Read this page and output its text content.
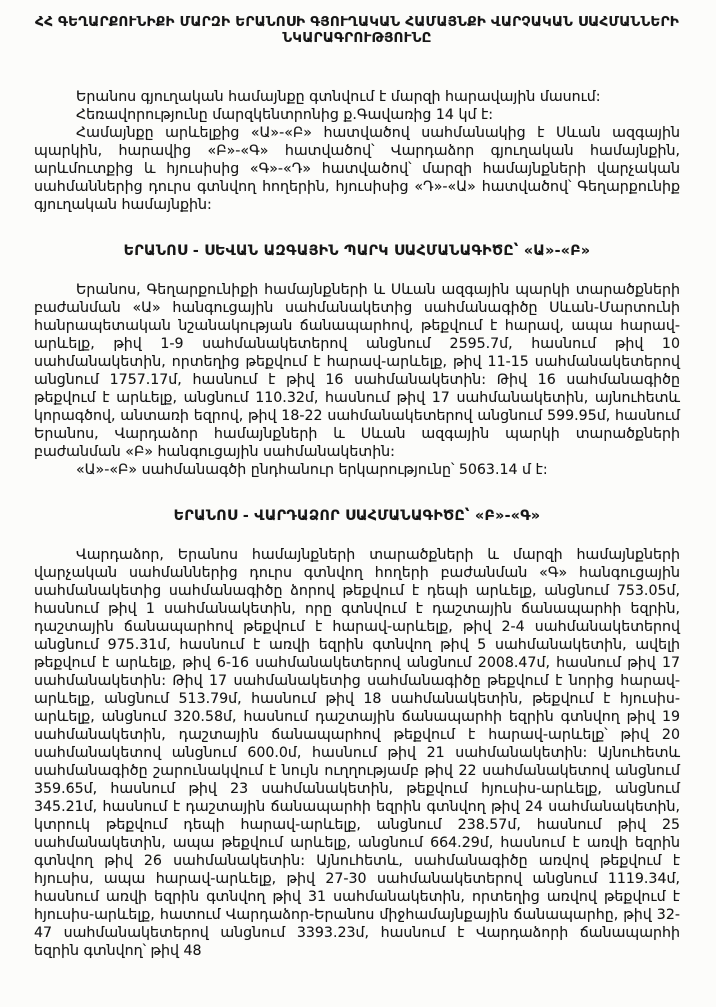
ՀՀ ԳԵՂԱՐՔՈՒՆԻՔԻ ՄԱՐԶԻ ԵՐԱՆՈՍԻ ԳՅՈՒՂԱԿԱՆ ՀԱՄԱՅՆՔԻ ՎԱՐՉԱԿԱՆ ՍԱՀՄԱՆՆԵՐԻ
ՆԿԱՐԱԳՐՈՒԹՅՈՒՆԸ

Երանոս գյուղական համայնքը գտնվում է մարզի հարավային մասում:

Հեռավորությունը մարզկենտրոնից ք.Գավառից 14 կմ է:

Համայնքը արևելքից «Ա»-«Բ» հատվածով սահմանակից է Սևան ազգային պարկին, հարավից «Բ»-«Գ» հատվածով՝ Վարդաձոր գյուղական համայնքին, արևմուտքից և հյուսիսից «Գ»-«Դ» հատվածով՝ մարզի համայնքների վարչական սահմաններից դուրս գտնվող հողերին, հյուսիսից «Դ»-«Ա» հատվածով՝ Գեղարքունիք գյուղական համայնքին:

ԵՐԱՆՈՍ - ՍԵՎԱՆ ԱԶԳԱՅԻՆ ՊԱՐԿ ՍԱՀՄԱՆԱԳԻԾԸ՝ «Ա»-«Բ»

Երանոս, Գեղարքունիքի համայնքների և Սևան ազգային պարկի տարածքների բաժանման «Ա» հանգուցային սահմանակետից սահմանագիծը Սևան-Մարտունի հանրապետական նշանակության ճանապարհով, թեքվում է հարավ, ապա հարավ-արևելք, թիվ 1-9 սահմանակետերով անցնում 2595.7մ, հասնում թիվ 10 սահմանակետին, որտեղից թեքվում է հարավ-արևելք, թիվ 11-15 սահմանակետերով անցնում 1757.17մ, հասնում է թիվ 16 սահմանակետին: Թիվ 16 սահմանագիծը թեքվում է արևելք, անցնում 110.32մ, հասնում թիվ 17 սահմանակետին, այնուհետև կորագծով, անտառի եզրով, թիվ 18-22 սահմանակետերով անցնում 599.95մ, հասնում Երանոս, Վարդաձոր համայնքների և Սևան ազգային պարկի տարածքների բաժանման «Բ» հանգուցային սահմանակետին:

«Ա»-«Բ» սահմանագծի ընդհանուր երկարությունը՝ 5063.14 մ է:

ԵՐԱՆՈՍ - ՎԱՐԴԱՁՈՐ ՍԱՀՄԱՆԱԳԻԾԸ՝ «Բ»-«Գ»

Վարդաձոր, Երանոս համայնքների տարածքների և մարզի համայնքների վարչական սահմաններից դուրս գտնվող հողերի բաժանման «Գ» հանգուցային սահմանակետից սահմանագիծը ձորով թեքվում է դեպի արևելք, անցնում 753.05մ, հասնում թիվ 1 սահմանակետին, որը գտնվում է դաշտային ճանապարհի եզրին, դաշտային ճանապարհով թեքվում է հարավ-արևելք, թիվ 2-4 սահմանակետերով անցնում 975.31մ, հասնում է առվի եզրին գտնվող թիվ 5 սահմանակետին, ավելի թեքվում է արևելք, թիվ 6-16 սահմանակետերով անցնում 2008.47մ, հասնում թիվ 17 սահմանակետին: Թիվ 17 սահմանակետից սահմանագիծը թեքվում է նորից հարավ-արևելք, անցնում 513.79մ, հասնում թիվ 18 սահմանակետին, թեքվում է հյուսիս-արևելք, անցնում 320.58մ, հասնում դաշտային ճանապարհի եզրին գտնվող թիվ 19 սահմանակետին, դաշտային ճանապարհով թեքվում է հարավ-արևելք՝ թիվ 20 սահմանակետով անցնում 600.0մ, հասնում թիվ 21 սահմանակետին: Այնուհետև սահմանագիծը շարունակվում է նույն ուղղությամբ թիվ 22 սահմանակետով անցնում 359.65մ, հասնում թիվ 23 սահմանակետին, թեքվում հյուսիս-արևելք, անցնում 345.21մ, հասնում է դաշտային ճանապարհի եզրին գտնվող թիվ 24 սահմանակետին, կտրուկ թեքվում դեպի հարավ-արևելք, անցնում 238.57մ, հասնում թիվ 25 սահմանակետին, ապա թեքվում արևելք, անցնում 664.29մ, հասնում է առվի եզրին գտնվող թիվ 26 սահմանակետին: Այնուհետև, սահմանագիծը առվով թեքվում է հյուսիս, ապա հարավ-արևելք, թիվ 27-30 սահմանակետերով անցնում 1119.34մ, հասնում առվի եզրին գտնվող թիվ 31 սահմանակետին, որտեղից առվով թեքվում է հյուսիս-արևելք, հատում Վարդաձոր-Երանոս միջհամայնքային ճանապարհը, թիվ 32-47 սահմանակետերով անցնում 3393.23մ, հասնում է Վարդաձորի ճանապարհի եզրին գտնվող՝ թիվ 48
